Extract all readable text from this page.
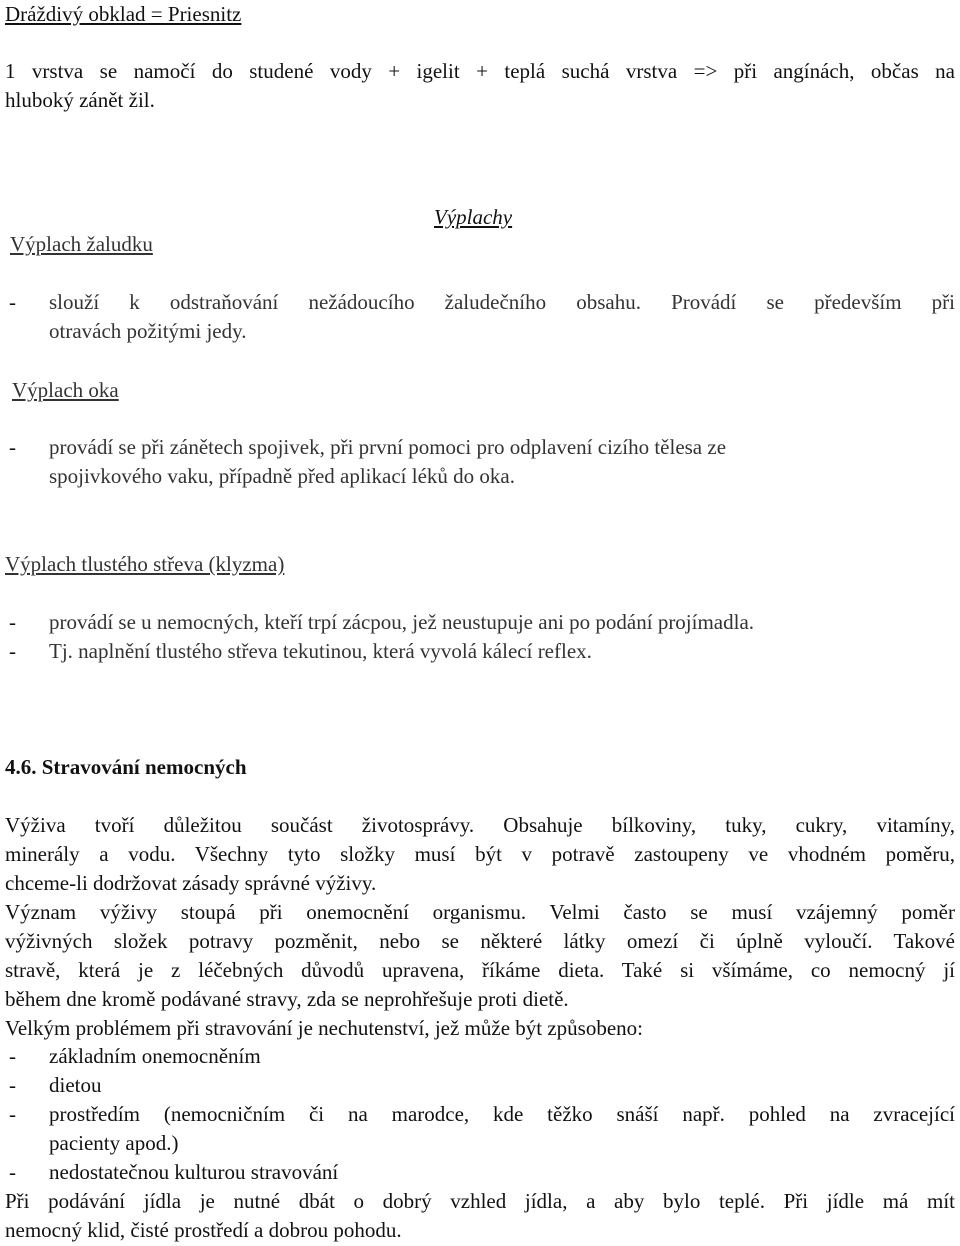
Dráždivý obklad = Priesnitz
1 vrstva se namočí do studené vody + igelit + teplá suchá vrstva => při angínách, občas na
hluboký zánět žil.
Výplachy
Výplach žaludku
- slouží k odstraňování nežádoucího žaludečního obsahu. Provádí se především při
otravách požitými jedy.
Výplach oka
- provádí se při zánětech spojivek, při první pomoci pro odplavení cizího tělesa ze
spojivkového vaku, případně před aplikací léků do oka.
Výplach tlustého střeva (klyzma)
- provádí se u nemocných, kteří trpí zácpou, jež neustupuje ani po podání projímadla.
- Tj. naplnění tlustého střeva tekutinou, která vyvolá kálecí reflex.
4.6. Stravování nemocných
Výživa tvoří důležitou součást životosprávy. Obsahuje bílkoviny, tuky, cukry, vitamíny,
minerály a vodu. Všechny tyto složky musí být v potravě zastoupeny ve vhodném poměru,
chceme-li dodržovat zásady správné výživy.
Význam výživy stoupá při onemocnění organismu. Velmi často se musí vzájemný poměr
výživných složek potravy pozměnit, nebo se některé látky omezí či úplně vyloučí. Takové
stravě, která je z léčebných důvodů upravena, říkáme dieta. Také si všímáme, co nemocný jí
během dne kromě podávané stravy, zda se neprohřešuje proti dietě.
Velkým problémem při stravování je nechutenství, jež může být způsobeno:
- základním onemocněním
- dietou
- prostředím (nemocničním či na marodce, kde těžko snáší např. pohled na zvracející
pacienty apod.)
- nedostatečnou kulturou stravování
Při podávání jídla je nutné dbát o dobrý vzhled jídla, a aby bylo teplé. Při jídle má mít
nemocný klid, čisté prostředí a dobrou pohodu.
